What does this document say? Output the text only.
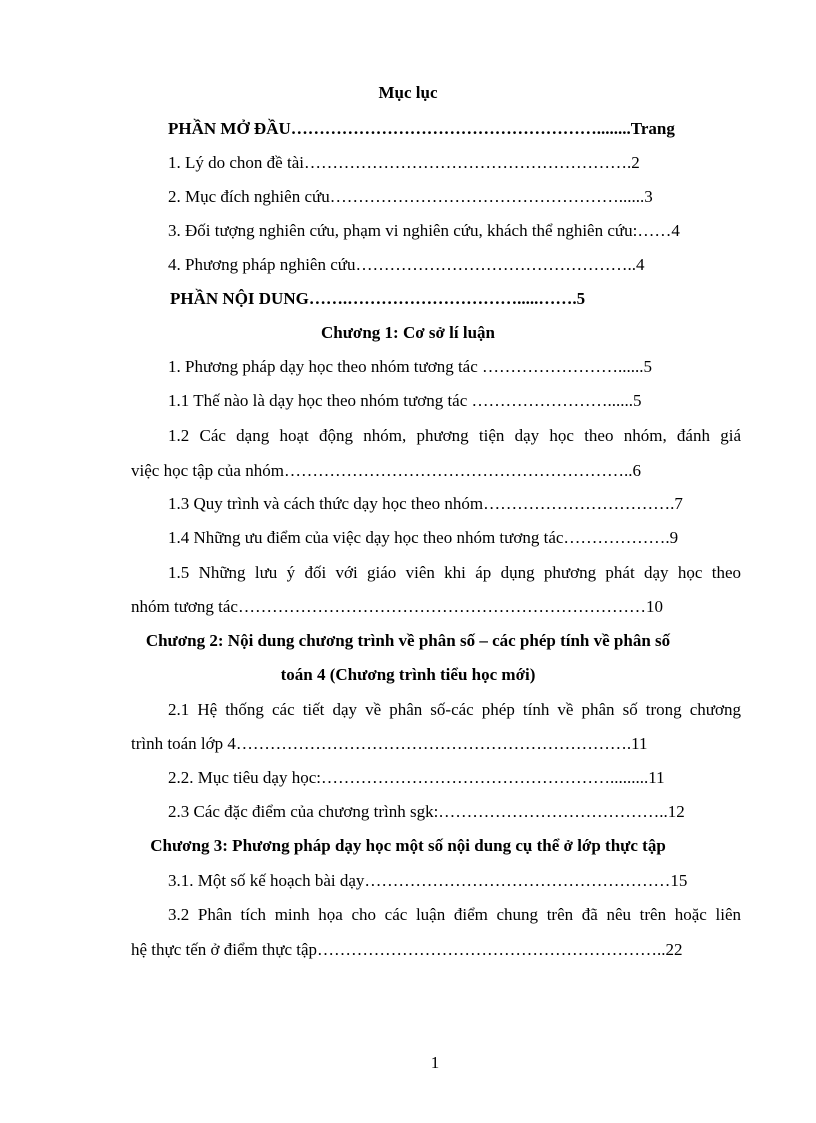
Mục lục
PHẦN MỞ ĐẦU………………………………………………........Trang
1. Lý do chon đề tài………………………………………………….2
2. Mục đích nghiên cứu……………………………………………......3
3. Đối tượng nghiên cứu, phạm vi nghiên cứu, khách thể nghiên cứu:……4
4. Phương pháp nghiên cứu…………………………………………..4
PHẦN NỘI DUNG…….………………………….....…….5
Chương 1: Cơ sở lí luận
1. Phương pháp dạy học theo nhóm tương tác ……………………......5
1.1 Thế nào là dạy học theo nhóm tương tác ……………………......5
1.2 Các dạng hoạt động nhóm, phương tiện dạy học theo nhóm, đánh giá
việc học tập của nhóm……………………………………………………..6
1.3 Quy trình và cách thức dạy học theo nhóm…………………………….7
1.4 Những ưu điểm của việc dạy học theo nhóm tương tác……………….9
1.5 Những lưu ý đối với giáo viên khi áp dụng phương phát dạy học theo
nhóm tương tác………………………………………………………………10
Chương 2: Nội dung chương trình về phân số – các phép tính về phân số
toán 4 (Chương trình tiểu học mới)
2.1 Hệ thống các tiết dạy về phân số-các phép tính về phân số trong chương
trình toán lớp 4…………………………………………………………….11
2.2. Mục tiêu dạy học:…………………………………………….........11
2.3 Các đặc điểm của chương trình sgk:…………………………………..12
Chương 3: Phương pháp dạy học một số nội dung cụ thể ở lớp thực tập
3.1. Một số kế hoạch bài dạy………………………………………………15
3.2 Phân tích minh họa cho các luận điểm chung trên đã nêu trên hoặc liên
hệ thực tến ở điểm thực tập……………………………………………………..22
1
